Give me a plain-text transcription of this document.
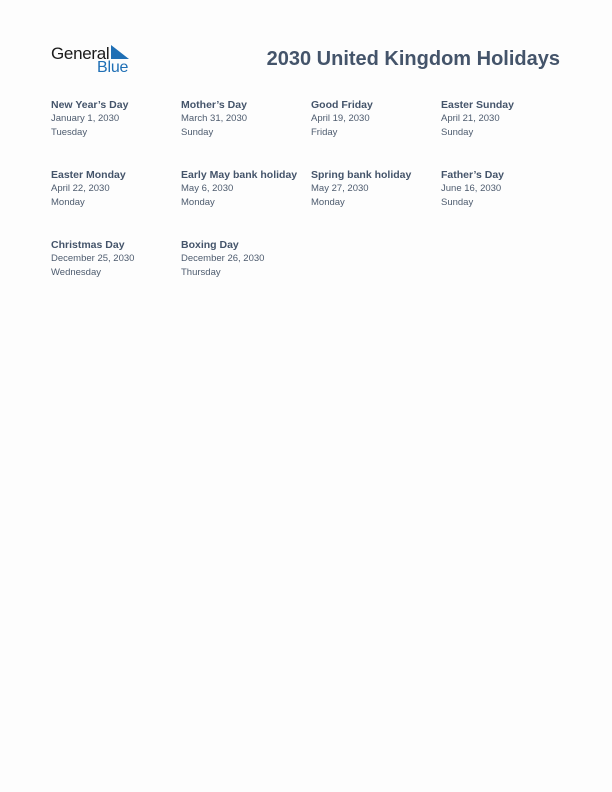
General
Blue	2030 United Kingdom Holidays
New Year’s Day
January 1, 2030
Tuesday
Mother’s Day
March 31, 2030
Sunday
Good Friday
April 19, 2030
Friday
Easter Sunday
April 21, 2030
Sunday
Easter Monday
April 22, 2030
Monday
Early May bank holiday
May 6, 2030
Monday
Spring bank holiday
May 27, 2030
Monday
Father’s Day
June 16, 2030
Sunday
Christmas Day
December 25, 2030
Wednesday
Boxing Day
December 26, 2030
Thursday
